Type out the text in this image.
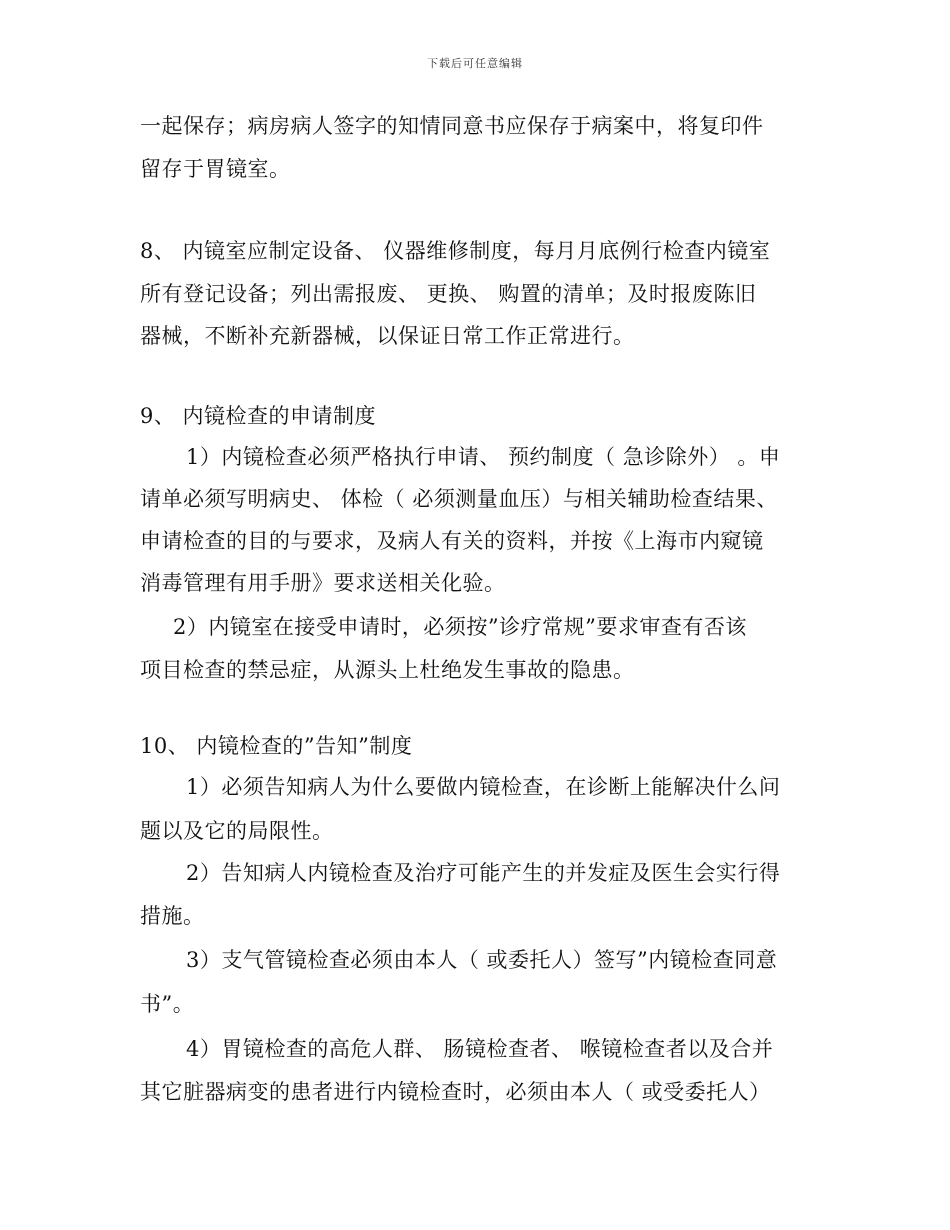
下载后可任意编辑
一起保存；病房病人签字的知情同意书应保存于病案中，将复印件
留存于胃镜室。
8、 内镜室应制定设备、 仪器维修制度，每月月底例行检查内镜室
所有登记设备；列出需报废、 更换、 购置的清单；及时报废陈旧
器械，不断补充新器械，以保证日常工作正常进行。
9、 内镜检查的申请制度
1）内镜检查必须严格执行申请、 预约制度（ 急诊除外） 。申
请单必须写明病史、 体检（ 必须测量血压）与相关辅助检查结果、
申请检查的目的与要求，及病人有关的资料，并按《上海市内窥镜
消毒管理有用手册》要求送相关化验。
2）内镜室在接受申请时，必须按”诊疗常规”要求审查有否该
项目检查的禁忌症，从源头上杜绝发生事故的隐患。
10、 内镜检查的”告知”制度
1）必须告知病人为什么要做内镜检查，在诊断上能解决什么问
题以及它的局限性。
2）告知病人内镜检查及治疗可能产生的并发症及医生会实行得
措施。
3）支气管镜检查必须由本人（ 或委托人）签写”内镜检查同意
书”。
4）胃镜检查的高危人群、 肠镜检查者、 喉镜检查者以及合并
其它脏器病变的患者进行内镜检查时，必须由本人（ 或受委托人）
